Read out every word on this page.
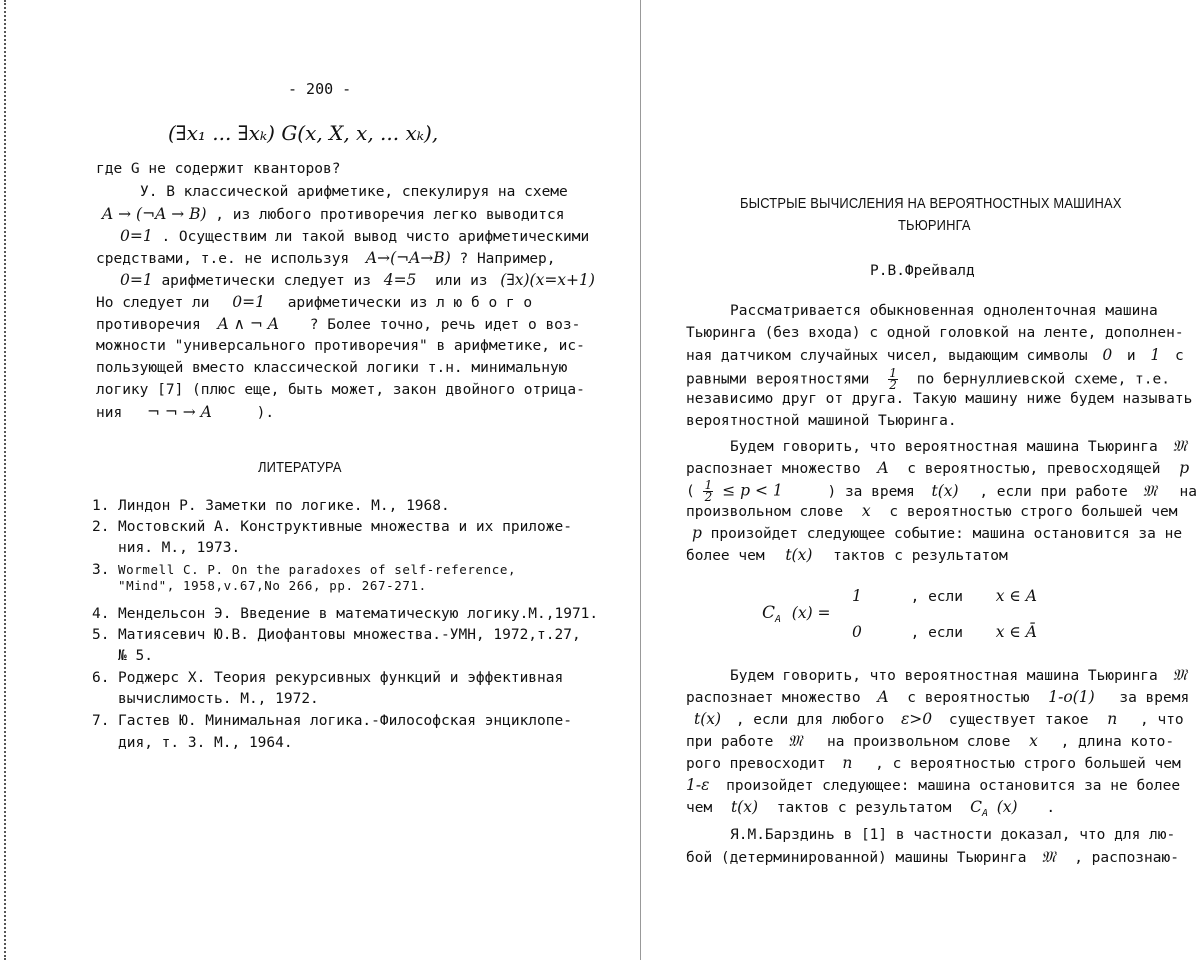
- 200 -
(∃x₁ ... ∃xₖ) G(x, X, x, ... xₖ),
где G не содержит кванторов?
У. В классической арифметике, спекулируя на схеме
A → (¬A → B) , из любого противоречия легко выводится
0=1 . Осуществим ли такой вывод чисто арифметическими
средствами, т.е. не используя A→(¬A→B) ? Например,
0=1 арифметически следует из 4=5 или из (∃x)(x=x+1)
Но следует ли 0=1 арифметически из л ю б о г о
противоречия A ∧ ¬ A ? Более точно, речь идет о воз-
можности "универсального противоречия" в арифметике, ис-
пользующей вместо классической логики т.н. минимальную
логику [7] (плюс еще, быть может, закон двойного отрица-
ния ¬ ¬ → A	).
ЛИТЕРАТУРА
1. Линдон Р. Заметки по логике. М., 1968.
2. Мостовский А. Конструктивные множества и их приложе-
ния. М., 1973.
3. Wormell C. P. On the paradoxes of self-reference,
"Mind", 1958,v.67,No 266, pp. 267-271.
4. Мендельсон Э. Введение в математическую логику.М.,1971.
5. Матиясевич Ю.В. Диофантовы множества.-УМН, 1972,т.27,
№ 5.
6. Роджерс Х. Теория рекурсивных функций и эффективная
вычислимость. М., 1972.
7. Гастев Ю. Минимальная логика.-Философская энциклопе-
дия, т. 3. М., 1964.
БЫСТРЫЕ ВЫЧИСЛЕНИЯ НА ВЕРОЯТНОСТНЫХ МАШИНАХ
ТЬЮРИНГА
Р.В.Фрейвалд
Рассматривается обыкновенная одноленточная машина
Тьюринга (без входа) с одной головкой на ленте, дополнен-
ная датчиком случайных чисел, выдающим символы 0 и 1 с
равными вероятностями $\frac{1}{2}$ по бернуллиевской схеме, т.е.
независимо друг от друга. Такую машину ниже будем называть
вероятностной машиной Тьюринга.
Будем говорить, что вероятностная машина Тьюринга 𝔐
распознает множество A с вероятностью, превосходящей p
( $\frac{1}{2} \le p < 1$	) за время t(x) , если при работе 𝔐 на
произвольном слове x с вероятностью строго большей чем
p произойдет следующее событие: машина остановится за не
более чем t(x) тактов с результатом
$C_A$ (x) =
1	, если x ∈ A
0	, если x ∈ Ā
Будем говорить, что вероятностная машина Тьюринга 𝔐
распознает множество A с вероятностью 1-o(1) за время
t(x) , если для любого ε>0 существует такое n , что
при работе 𝔐 на произвольном слове x , длина кото-
рого превосходит n , с вероятностью строго большей чем
1-ε произойдет следующее: машина остановится за не более
чем t(x) тактов с результатом $C_A$ (x) .
Я.М.Барздинь в [1] в частности доказал, что для лю-
бой (детерминированной) машины Тьюринга 𝔐 , распознаю-
